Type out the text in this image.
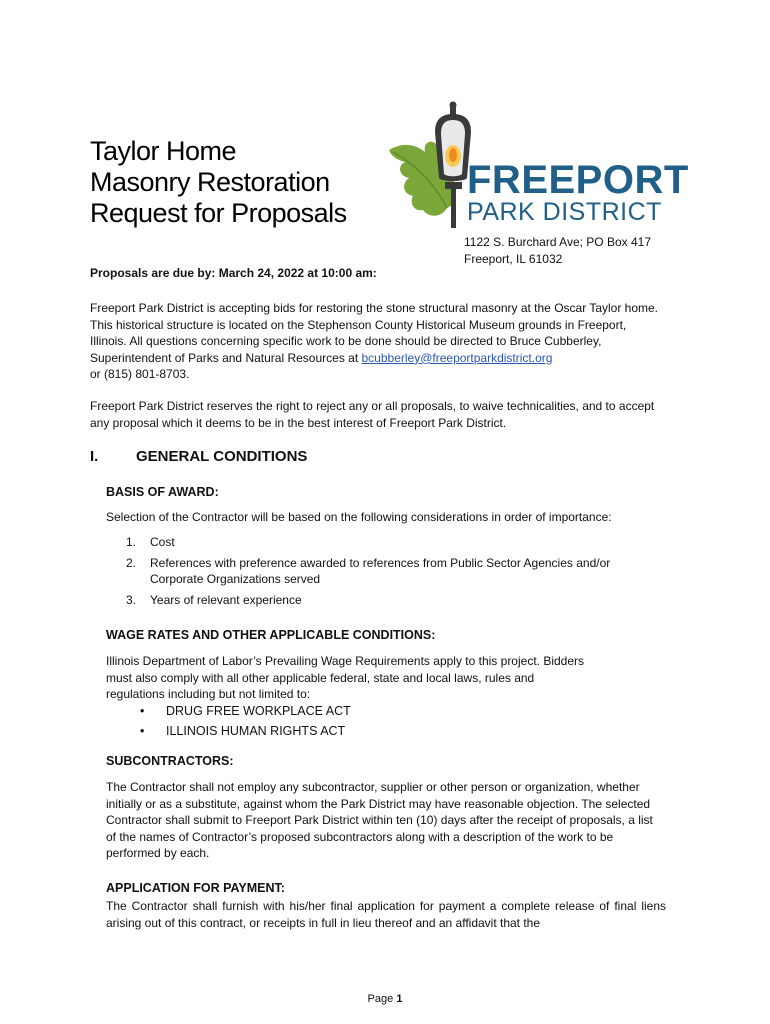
Taylor Home
Masonry Restoration
Request for Proposals
FREEPORT
PARK DISTRICT
1122 S. Burchard Ave; PO Box 417
Freeport, IL 61032
Proposals are due by: March 24, 2022 at 10:00 am:
Freeport Park District is accepting bids for restoring the stone structural masonry at the Oscar Taylor home. This historical structure is located on the Stephenson County Historical Museum grounds in Freeport, Illinois. All questions concerning specific work to be done should be directed to Bruce Cubberley, Superintendent of Parks and Natural Resources at bcubberley@freeportparkdistrict.org
or (815) 801-8703.
Freeport Park District reserves the right to reject any or all proposals, to waive technicalities, and to accept any proposal which it deems to be in the best interest of Freeport Park District.
I.	GENERAL CONDITIONS
BASIS OF AWARD:
Selection of the Contractor will be based on the following considerations in order of importance:
1. Cost
2. References with preference awarded to references from Public Sector Agencies and/or Corporate Organizations served
3. Years of relevant experience
WAGE RATES AND OTHER APPLICABLE CONDITIONS:
Illinois Department of Labor’s Prevailing Wage Requirements apply to this project. Bidders
must also comply with all other applicable federal, state and local laws, rules and
regulations including but not limited to:
• DRUG FREE WORKPLACE ACT
• ILLINOIS HUMAN RIGHTS ACT
SUBCONTRACTORS:
The Contractor shall not employ any subcontractor, supplier or other person or organization, whether initially or as a substitute, against whom the Park District may have reasonable objection. The selected Contractor shall submit to Freeport Park District within ten (10) days after the receipt of proposals, a list of the names of Contractor’s proposed subcontractors along with a description of the work to be performed by each.
APPLICATION FOR PAYMENT:
The Contractor shall furnish with his/her final application for payment a complete release of final liens arising out of this contract, or receipts in full in lieu thereof and an affidavit that the
Page 1
